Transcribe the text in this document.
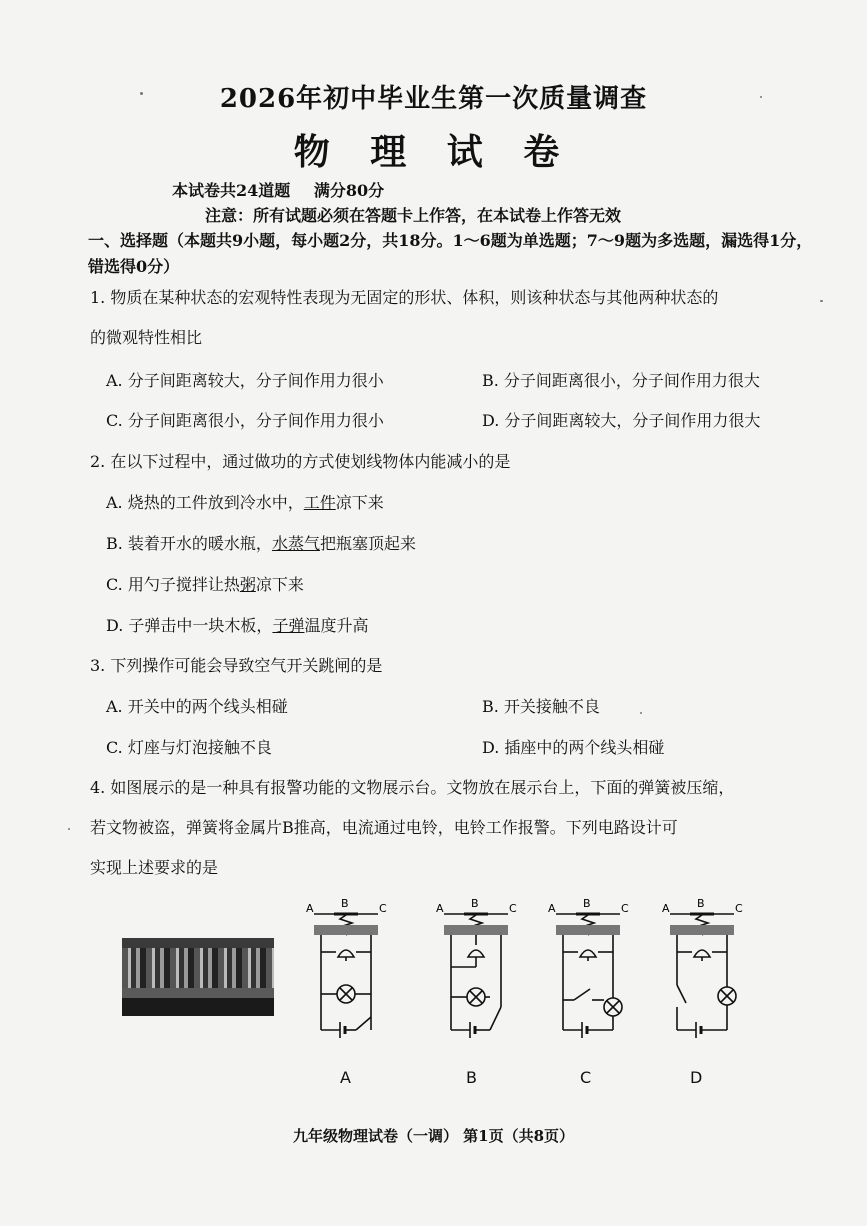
2026年初中毕业生第一次质量调查
物 理 试 卷
本试卷共24道题 满分80分
注意：所有试题必须在答题卡上作答，在本试卷上作答无效
一、选择题（本题共9小题，每小题2分，共18分。1～6题为单选题；7～9题为多选题，漏选得1分，错选得0分）
1. 物质在某种状态的宏观特性表现为无固定的形状、体积，则该种状态与其他两种状态的
的微观特性相比
A. 分子间距离较大，分子间作用力很小	B. 分子间距离很小，分子间作用力很大
C. 分子间距离很小，分子间作用力很小	D. 分子间距离较大，分子间作用力很大
2. 在以下过程中，通过做功的方式使划线物体内能减小的是
A. 烧热的工件放到冷水中，工件凉下来
B. 装着开水的暖水瓶，水蒸气把瓶塞顶起来
C. 用勺子搅拌让热粥凉下来
D. 子弹击中一块木板，子弹温度升高
3. 下列操作可能会导致空气开关跳闸的是
A. 开关中的两个线头相碰	B. 开关接触不良
C. 灯座与灯泡接触不良	D. 插座中的两个线头相碰
4. 如图展示的是一种具有报警功能的文物展示台。文物放在展示台上，下面的弹簧被压缩，
若文物被盗，弹簧将金属片B推高，电流通过电铃，电铃工作报警。下列电路设计可
实现上述要求的是
A B	C	A B	C	A B	C	A B	C
A	B	C	D
九年级物理试卷（一调） 第1页（共8页）
